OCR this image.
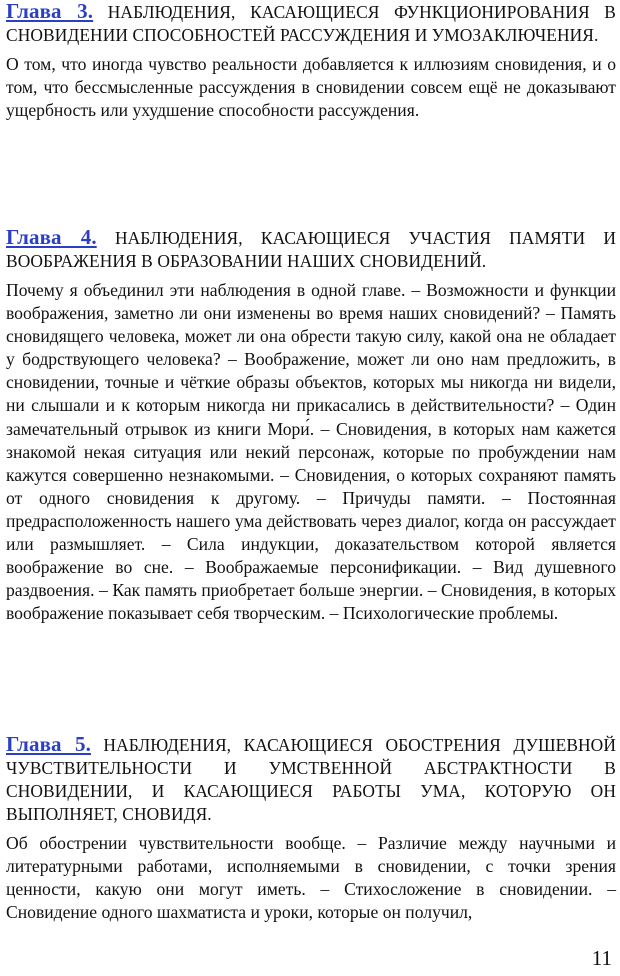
Глава 3. НАБЛЮДЕНИЯ, КАСАЮЩИЕСЯ ФУНКЦИОНИРОВАНИЯ В СНОВИДЕНИИ СПОСОБНОСТЕЙ РАССУЖДЕНИЯ И УМОЗАКЛЮЧЕНИЯ.

О том, что иногда чувство реальности добавляется к иллюзиям сновидения, и о том, что бессмысленные рассуждения в сновидении совсем ещё не доказывают ущербность или ухудшение способности рассуждения.

Глава 4. НАБЛЮДЕНИЯ, КАСАЮЩИЕСЯ УЧАСТИЯ ПАМЯТИ И ВООБРАЖЕНИЯ В ОБРАЗОВАНИИ НАШИХ СНОВИДЕНИЙ.

Почему я объединил эти наблюдения в одной главе. – Возможности и функции воображения, заметно ли они изменены во время наших сновидений? – Память сновидящего человека, может ли она обрести такую силу, какой она не обладает у бодрствующего человека? – Воображение, может ли оно нам предложить, в сновидении, точные и чёткие образы объектов, которых мы никогда ни видели, ни слышали и к которым никогда ни прикасались в действительности? – Один замечательный отрывок из книги Мори́. – Сновидения, в которых нам кажется знакомой некая ситуация или некий персонаж, которые по пробуждении нам кажутся совершенно незнакомыми. – Сновидения, о которых сохраняют память от одного сновидения к другому. – Причуды памяти. – Постоянная предрасположенность нашего ума действовать через диалог, когда он рассуждает или размышляет. – Сила индукции, доказательством которой является воображение во сне. – Воображаемые персонификации. – Вид душевного раздвоения. – Как память приобретает больше энергии. – Сновидения, в которых воображение показывает себя творческим. – Психологические проблемы.

Глава 5. НАБЛЮДЕНИЯ, КАСАЮЩИЕСЯ ОБОСТРЕНИЯ ДУШЕВНОЙ ЧУВСТВИТЕЛЬНОСТИ И УМСТВЕННОЙ АБСТРАКТНОСТИ В СНОВИДЕНИИ, И КАСАЮЩИЕСЯ РАБОТЫ УМА, КОТОРУЮ ОН ВЫПОЛНЯЕТ, СНОВИДЯ.

Об обострении чувствительности вообще. – Различие между научными и литературными работами, исполняемыми в сновидении, с точки зрения ценности, какую они могут иметь. – Стихосложение в сновидении. – Сновидение одного шахматиста и уроки, которые он получил,

11
